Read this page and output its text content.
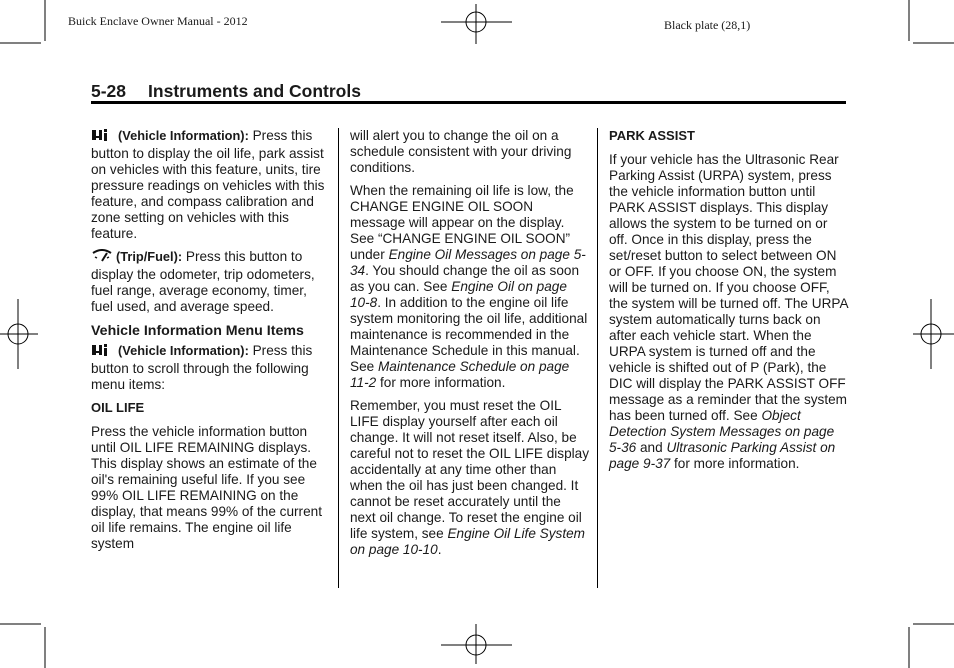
Buick Enclave Owner Manual - 2012	Black plate (28,1)
5-28 Instruments and Controls

(Vehicle Information): Press this button to display the oil life, park assist on vehicles with this feature, units, tire pressure readings on vehicles with this feature, and compass calibration and zone setting on vehicles with this feature.

(Trip/Fuel): Press this button to display the odometer, trip odometers, fuel range, average economy, timer, fuel used, and average speed.

Vehicle Information Menu Items

(Vehicle Information): Press this button to scroll through the following menu items:

OIL LIFE

Press the vehicle information button until OIL LIFE REMAINING displays. This display shows an estimate of the oil's remaining useful life. If you see 99% OIL LIFE REMAINING on the display, that means 99% of the current oil life remains. The engine oil life system

will alert you to change the oil on a schedule consistent with your driving conditions.

When the remaining oil life is low, the CHANGE ENGINE OIL SOON message will appear on the display. See “CHANGE ENGINE OIL SOON” under Engine Oil Messages on page 5-34. You should change the oil as soon as you can. See Engine Oil on page 10-8. In addition to the engine oil life system monitoring the oil life, additional maintenance is recommended in the Maintenance Schedule in this manual.
See Maintenance Schedule on page 11-2 for more information.

Remember, you must reset the OIL LIFE display yourself after each oil change. It will not reset itself. Also, be careful not to reset the OIL LIFE display accidentally at any time other than when the oil has just been changed. It cannot be reset accurately until the next oil change. To reset the engine oil life system, see Engine Oil Life System on page 10-10.

PARK ASSIST

If your vehicle has the Ultrasonic Rear Parking Assist (URPA) system, press the vehicle information button until PARK ASSIST displays. This display allows the system to be turned on or off. Once in this display, press the set/reset button to select between ON or OFF. If you choose ON, the system will be turned on. If you choose OFF, the system will be turned off. The URPA system automatically turns back on after each vehicle start. When the URPA system is turned off and the vehicle is shifted out of P (Park), the DIC will display the PARK ASSIST OFF message as a reminder that the system has been turned off. See Object Detection System Messages on page 5-36 and Ultrasonic Parking Assist on page 9-37 for more information.
